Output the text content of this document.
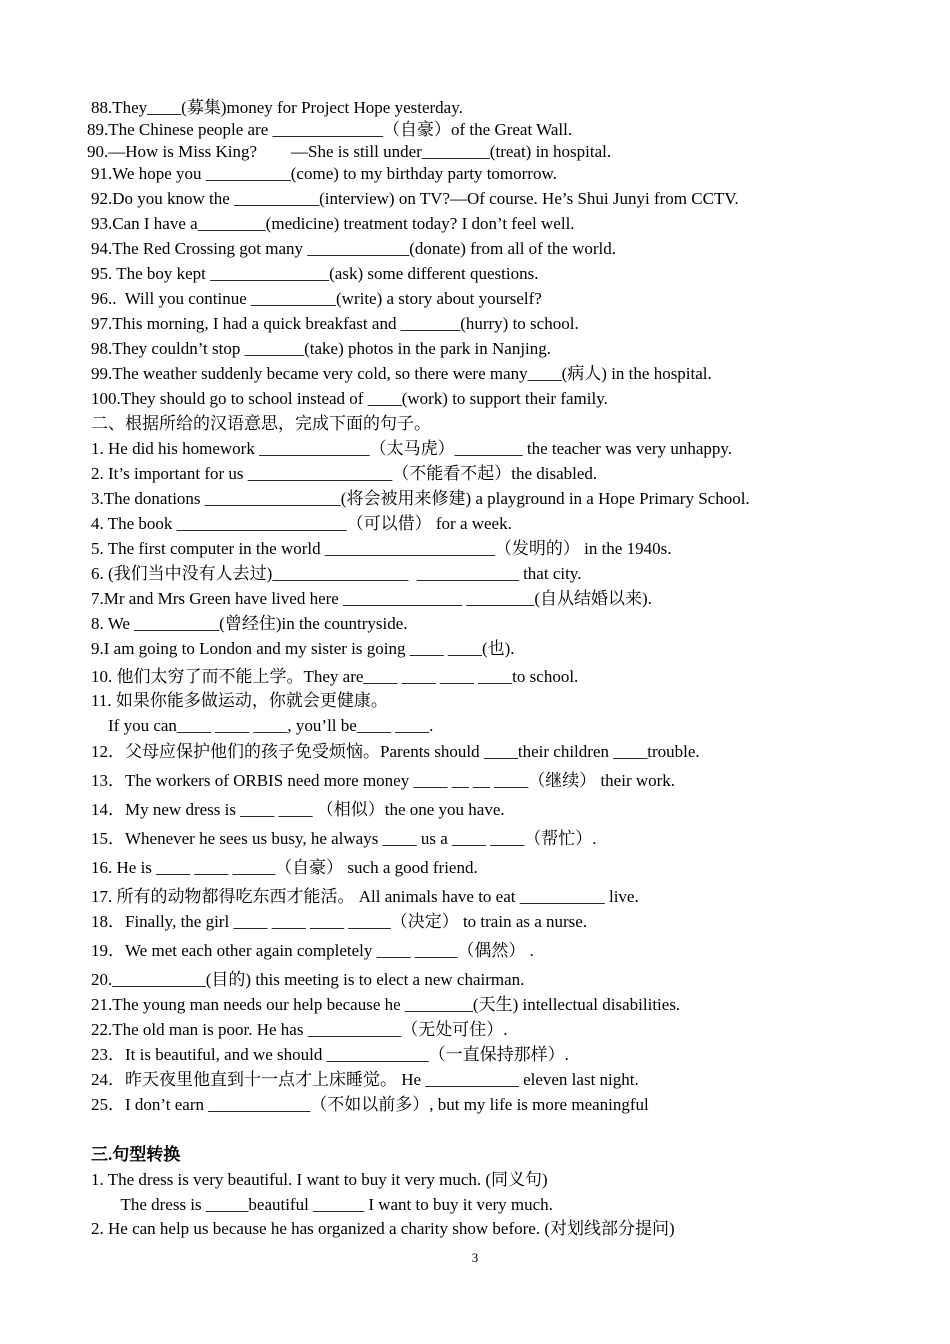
88.They____(募集)money for Project Hope yesterday.
89.The Chinese people are _____________（自豪）of the Great Wall.
90.—How is Miss King?        —She is still under________(treat) in hospital.
91.We hope you __________(come) to my birthday party tomorrow.
92.Do you know the __________(interview) on TV?—Of course. He’s Shui Junyi from CCTV.
93.Can I have a________(medicine) treatment today? I don’t feel well.
94.The Red Crossing got many ____________(donate) from all of the world.
95. The boy kept ______________(ask) some different questions.
96..  Will you continue __________(write) a story about yourself?
97.This morning, I had a quick breakfast and _______(hurry) to school.
98.They couldn’t stop _______(take) photos in the park in Nanjing.
99.The weather suddenly became very cold, so there were many____(病人) in the hospital.
100.They should go to school instead of ____(work) to support their family.
二、根据所给的汉语意思，完成下面的句子。
1. He did his homework _____________（太马虎）________ the teacher was very unhappy.
2. It’s important for us _________________（不能看不起）the disabled.
3.The donations ________________(将会被用来修建) a playground in a Hope Primary School.
4. The book ____________________（可以借） for a week.
5. The first computer in the world ____________________（发明的） in the 1940s.
6. (我们当中没有人去过)________________  ____________ that city.
7.Mr and Mrs Green have lived here ______________ ________(自从结婚以来).
8. We __________(曾经住)in the countryside.
9.I am going to London and my sister is going ____ ____(也).
10. 他们太穷了而不能上学。They are____ ____ ____ ____to school.
11. 如果你能多做运动，你就会更健康。
If you can____ ____ ____, you’ll be____ ____.
12．父母应保护他们的孩子免受烦恼。Parents should ____their children ____trouble.
13．The workers of ORBIS need more money ____ __ __ ____（继续） their work.
14．My new dress is ____ ____ （相似）the one you have.
15．Whenever he sees us busy, he always ____ us a ____ ____（帮忙）.
16. He is ____ ____ _____（自豪） such a good friend.
17. 所有的动物都得吃东西才能活。 All animals have to eat __________ live.
18．Finally, the girl ____ ____ ____ _____（决定） to train as a nurse.
19．We met each other again completely ____ _____（偶然） .
20.___________(目的) this meeting is to elect a new chairman.
21.The young man needs our help because he ________(天生) intellectual disabilities.
22.The old man is poor. He has ___________（无处可住）.
23．It is beautiful, and we should ____________（一直保持那样）.
24．昨天夜里他直到十一点才上床睡觉。 He ___________ eleven last night.
25．I don’t earn ____________（不如以前多）, but my life is more meaningful
三.句型转换
1. The dress is very beautiful. I want to buy it very much. (同义句)
The dress is _____beautiful ______ I want to buy it very much.
2. He can help us because he has organized a charity show before. (对划线部分提问)
3
